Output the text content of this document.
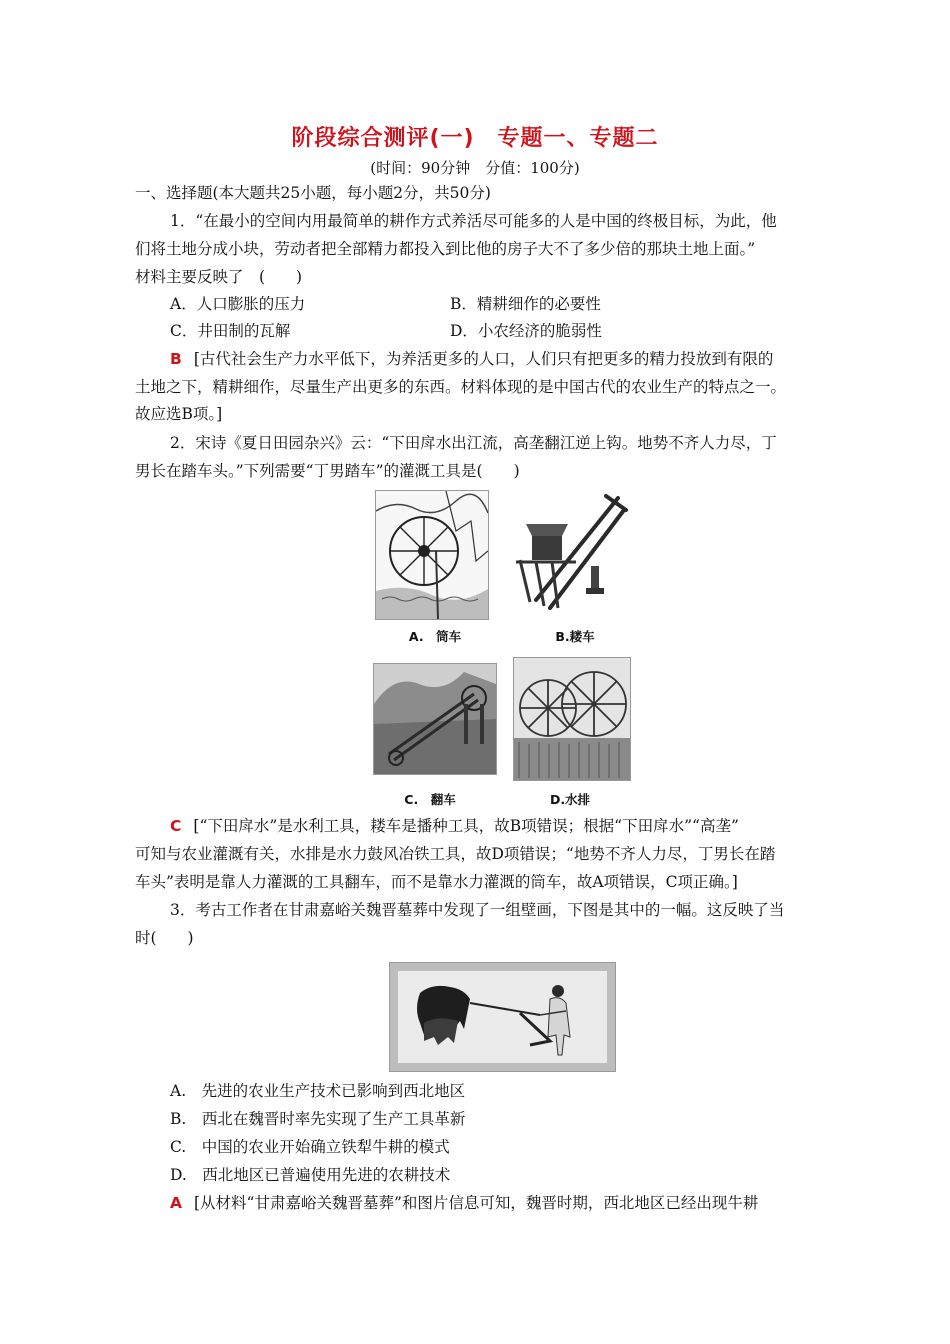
阶段综合测评(一)　专题一、专题二
(时间：90分钟　分值：100分)
一、选择题(本大题共25小题，每小题2分，共50分)
1．“在最小的空间内用最简单的耕作方式养活尽可能多的人是中国的终极目标，为此，他
们将土地分成小块，劳动者把全部精力都投入到比他的房子大不了多少倍的那块土地上面。”
材料主要反映了　(　　)
A．人口膨胀的压力	B．精耕细作的必要性
C．井田制的瓦解	D．小农经济的脆弱性
B [古代社会生产力水平低下，为养活更多的人口，人们只有把更多的精力投放到有限的
土地之下，精耕细作，尽量生产出更多的东西。材料体现的是中国古代的农业生产的特点之一。
故应选B项。]
2．宋诗《夏日田园杂兴》云：“下田戽水出江流，高垄翻江逆上钩。地势不齐人力尽，丁
男长在踏车头。”下列需要“丁男踏车”的灌溉工具是(　　)
A.　筒车	B.耧车
C.　翻车	D.水排
C [“下田戽水”是水利工具，耧车是播种工具，故B项错误；根据“下田戽水”“高垄”
可知与农业灌溉有关，水排是水力鼓风冶铁工具，故D项错误；“地势不齐人力尽，丁男长在踏
车头”表明是靠人力灌溉的工具翻车，而不是靠水力灌溉的筒车，故A项错误，C项正确。]
3．考古工作者在甘肃嘉峪关魏晋墓葬中发现了一组壁画，下图是其中的一幅。这反映了当
时(　　)
A.　先进的农业生产技术已影响到西北地区
B.　西北在魏晋时率先实现了生产工具革新
C.　中国的农业开始确立铁犁牛耕的模式
D.　西北地区已普遍使用先进的农耕技术
A [从材料“甘肃嘉峪关魏晋墓葬”和图片信息可知，魏晋时期，西北地区已经出现牛耕
